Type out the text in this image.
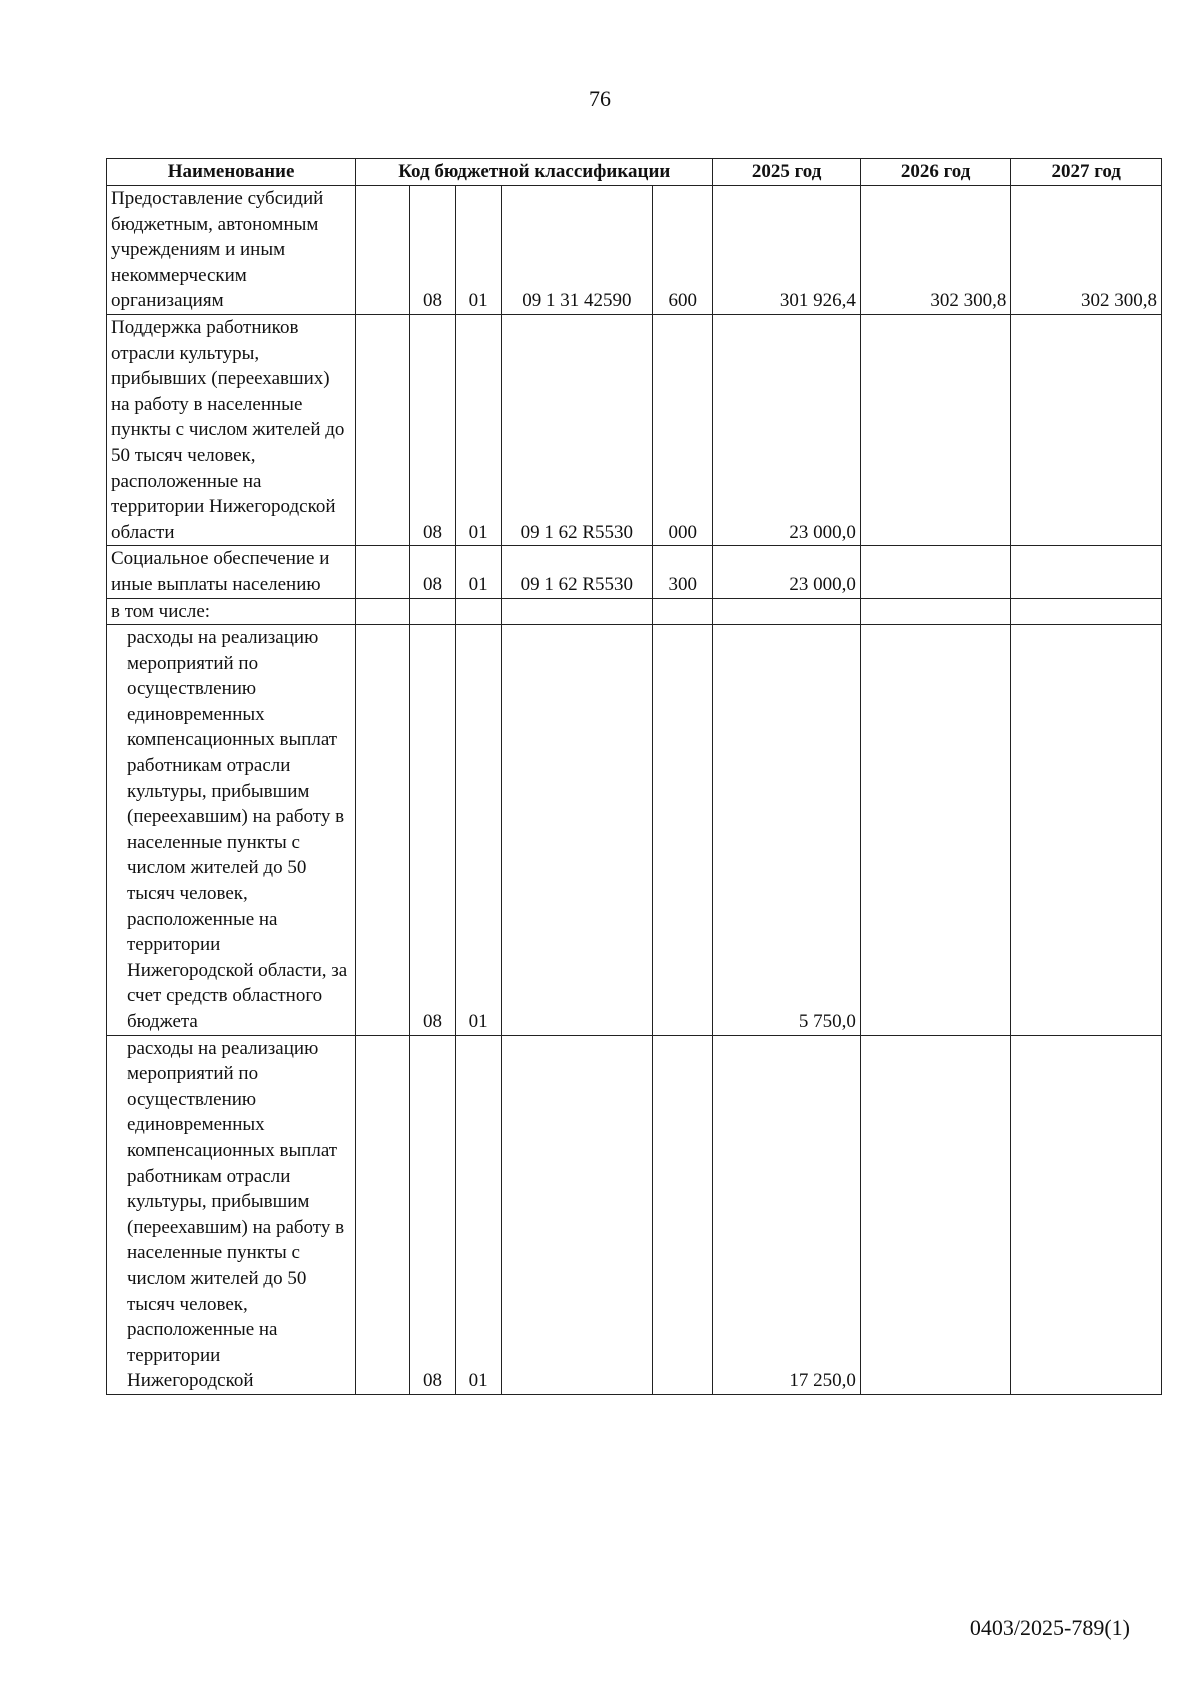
76
Наименование	Код бюджетной классификации					2025 год	2026 год	2027 год
Предоставление субсидий бюджетным, автономным учреждениям и иным некоммерческим организациям		08	01	09 1 31 42590	600	301 926,4	302 300,8	302 300,8
Поддержка работников отрасли культуры, прибывших (переехавших) на работу в населенные пункты с числом жителей до 50 тысяч человек, расположенные на территории Нижегородской области		08	01	09 1 62 R5530	000	23 000,0		
Социальное обеспечение и иные выплаты населению		08	01	09 1 62 R5530	300	23 000,0		
в том числе:								
расходы на реализацию мероприятий по осуществлению единовременных компенсационных выплат работникам отрасли культуры, прибывшим (переехавшим) на работу в населенные пункты с числом жителей до 50 тысяч человек, расположенные на территории Нижегородской области, за счет средств областного бюджета		08	01			5 750,0		
расходы на реализацию мероприятий по осуществлению единовременных компенсационных выплат работникам отрасли культуры, прибывшим (переехавшим) на работу в населенные пункты с числом жителей до 50 тысяч человек, расположенные на территории Нижегородской		08	01			17 250,0		
0403/2025-789(1)
